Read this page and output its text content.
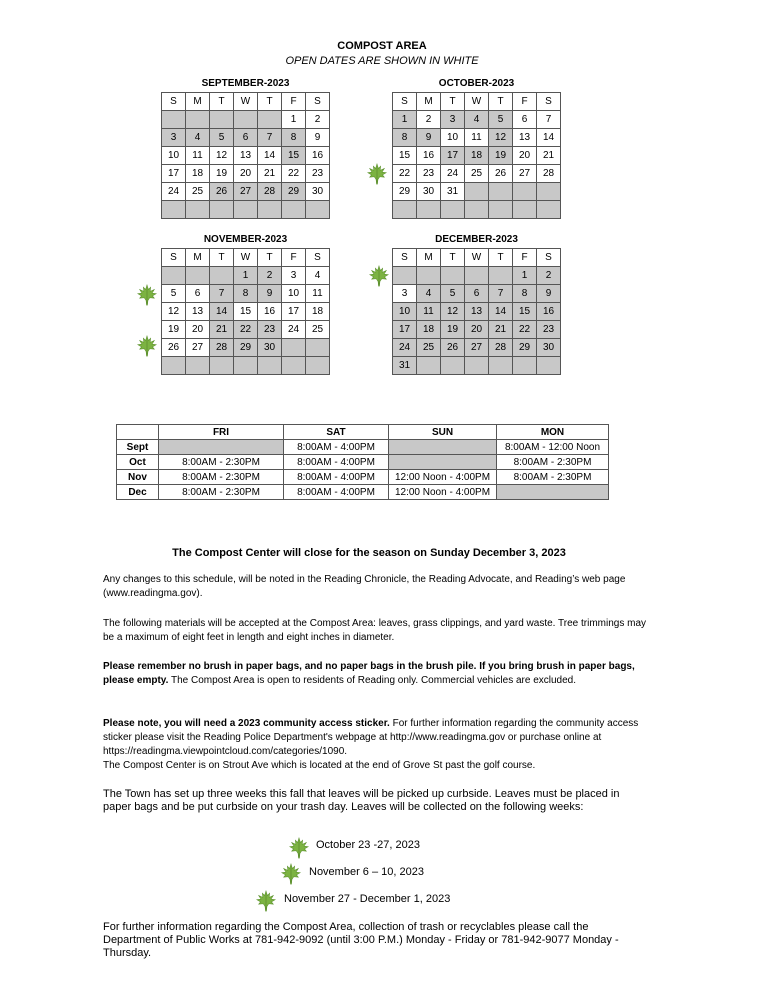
COMPOST AREA
OPEN DATES ARE SHOWN IN WHITE
SEPTEMBER-2023
S	M	T	W	T	F	S
					1	2
3	4	5	6	7	8	9
10	11	12	13	14	15	16
17	18	19	20	21	22	23
24	25	26	27	28	29	30

OCTOBER-2023
S	M	T	W	T	F	S
1	2	3	4	5	6	7
8	9	10	11	12	13	14
15	16	17	18	19	20	21
22	23	24	25	26	27	28
29	30	31				

NOVEMBER-2023
S	M	T	W	T	F	S
			1	2	3	4
5	6	7	8	9	10	11
12	13	14	15	16	17	18
19	20	21	22	23	24	25
26	27	28	29	30		

DECEMBER-2023
S	M	T	W	T	F	S
					1	2
3	4	5	6	7	8	9
10	11	12	13	14	15	16
17	18	19	20	21	22	23
24	25	26	27	28	29	30
31						
	FRI	SAT	SUN	MON
Sept		8:00AM - 4:00PM		8:00AM - 12:00 Noon
Oct	8:00AM - 2:30PM	8:00AM - 4:00PM		8:00AM - 2:30PM
Nov	8:00AM - 2:30PM	8:00AM - 4:00PM	12:00 Noon - 4:00PM	8:00AM - 2:30PM
Dec	8:00AM - 2:30PM	8:00AM - 4:00PM	12:00 Noon - 4:00PM	
The Compost Center will close for the season on Sunday December 3, 2023
Any changes to this schedule, will be noted in the Reading Chronicle, the Reading Advocate, and Reading’s web page (www.readingma.gov).
The following materials will be accepted at the Compost Area: leaves, grass clippings, and yard waste. Tree trimmings may be a maximum of eight feet in length and eight inches in diameter.
Please remember no brush in paper bags, and no paper bags in the brush pile. If you bring brush in paper bags, please empty. The Compost Area is open to residents of Reading only. Commercial vehicles are excluded.
Please note, you will need a 2023 community access sticker. For further information regarding the community access sticker please visit the Reading Police Department's webpage at http://www.readingma.gov or purchase online at https://readingma.viewpointcloud.com/categories/1090.
The Compost Center is on Strout Ave which is located at the end of Grove St past the golf course.
The Town has set up three weeks this fall that leaves will be picked up curbside. Leaves must be placed in paper bags and be put curbside on your trash day. Leaves will be collected on the following weeks:
October 23 -27, 2023
November 6 – 10, 2023
November 27 - December 1, 2023
For further information regarding the Compost Area, collection of trash or recyclables please call the Department of Public Works at 781-942-9092 (until 3:00 P.M.) Monday - Friday or 781-942-9077 Monday - Thursday.
